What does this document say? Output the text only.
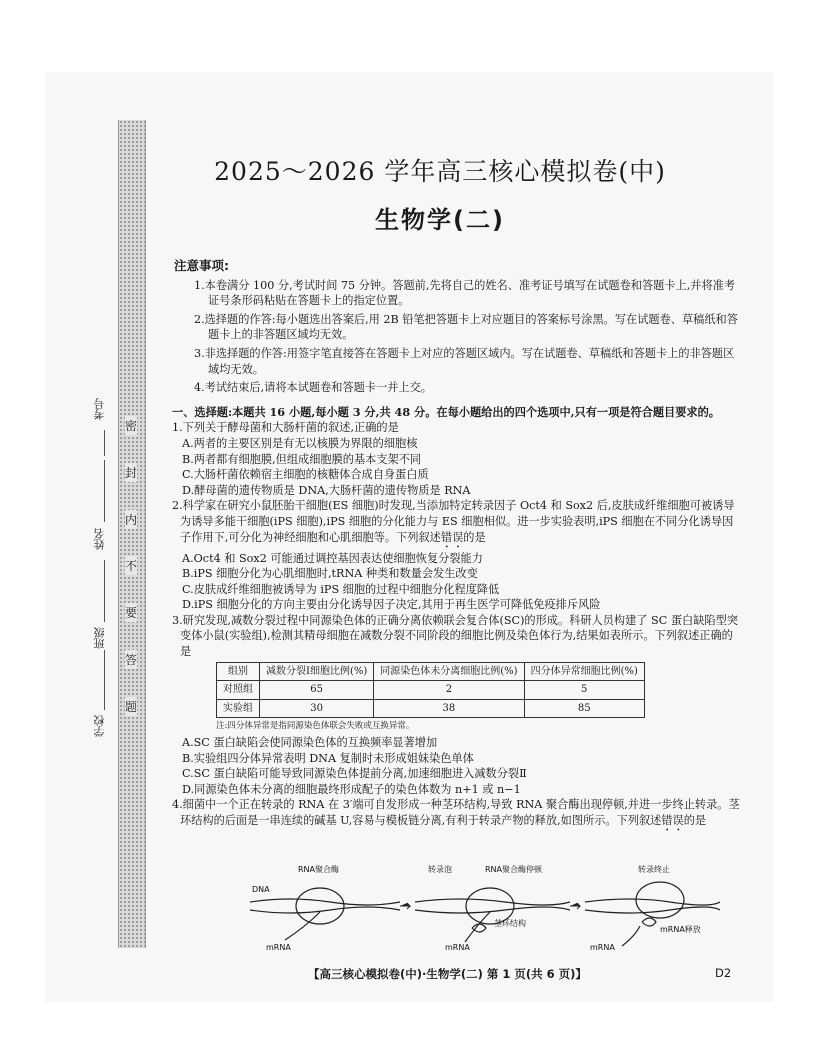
密
封
内
不
要
答
题
学校
班级
姓名
考号
2025～2026 学年高三核心模拟卷(中)
生物学(二)
注意事项:

1.本卷满分 100 分,考试时间 75 分钟。答题前,先将自己的姓名、准考证号填写在试题卷和答题卡上,并将准考证号条形码粘贴在答题卡上的指定位置。

2.选择题的作答:每小题选出答案后,用 2B 铅笔把答题卡上对应题目的答案标号涂黑。写在试题卷、草稿纸和答题卡上的非答题区域均无效。

3.非选择题的作答:用签字笔直接答在答题卡上对应的答题区域内。写在试题卷、草稿纸和答题卡上的非答题区域均无效。

4.考试结束后,请将本试题卷和答题卡一并上交。

一、选择题:本题共 16 小题,每小题 3 分,共 48 分。在每小题给出的四个选项中,只有一项是符合题目要求的。

1.下列关于酵母菌和大肠杆菌的叙述,正确的是

A.两者的主要区别是有无以核膜为界限的细胞核

B.两者都有细胞膜,但组成细胞膜的基本支架不同

C.大肠杆菌依赖宿主细胞的核糖体合成自身蛋白质

D.酵母菌的遗传物质是 DNA,大肠杆菌的遗传物质是 RNA

2.科学家在研究小鼠胚胎干细胞(ES 细胞)时发现,当添加特定转录因子 Oct4 和 Sox2 后,皮肤成纤维细胞可被诱导为诱导多能干细胞(iPS 细胞),iPS 细胞的分化能力与 ES 细胞相似。进一步实验表明,iPS 细胞在不同分化诱导因子作用下,可分化为神经细胞和心肌细胞等。下列叙述错误的是

A.Oct4 和 Sox2 可能通过调控基因表达使细胞恢复分裂能力

B.iPS 细胞分化为心肌细胞时,tRNA 种类和数量会发生改变

C.皮肤成纤维细胞被诱导为 iPS 细胞的过程中细胞分化程度降低

D.iPS 细胞分化的方向主要由分化诱导因子决定,其用于再生医学可降低免疫排斥风险

3.研究发现,减数分裂过程中同源染色体的正确分离依赖联会复合体(SC)的形成。科研人员构建了 SC 蛋白缺陷型突变体小鼠(实验组),检测其精母细胞在减数分裂不同阶段的细胞比例及染色体行为,结果如表所示。下列叙述正确的是

组别	减数分裂Ⅰ细胞比例(%)	同源染色体未分离细胞比例(%)	四分体异常细胞比例(%)
对照组	65	2	5
实验组	30	38	85
注:四分体异常是指同源染色体联会失败或互换异常。

A.SC 蛋白缺陷会使同源染色体的互换频率显著增加

B.实验组四分体异常表明 DNA 复制时未形成姐妹染色单体

C.SC 蛋白缺陷可能导致同源染色体提前分离,加速细胞进入减数分裂Ⅱ

D.同源染色体未分离的细胞最终形成配子的染色体数为 n+1 或 n−1

4.细菌中一个正在转录的 RNA 在 3′端可自发形成一种茎环结构,导致 RNA 聚合酶出现停顿,并进一步终止转录。茎环结构的后面是一串连续的碱基 U,容易与模板链分离,有利于转录产物的释放,如图所示。下列叙述错误的是

RNA聚合酶
DNA
mRNA
转录泡	RNA聚合酶停顿
茎环结构
mRNA
转录终止
mRNA
mRNA释放
【高三核心模拟卷(中)·生物学(二) 第 1 页(共 6 页)】	D2
